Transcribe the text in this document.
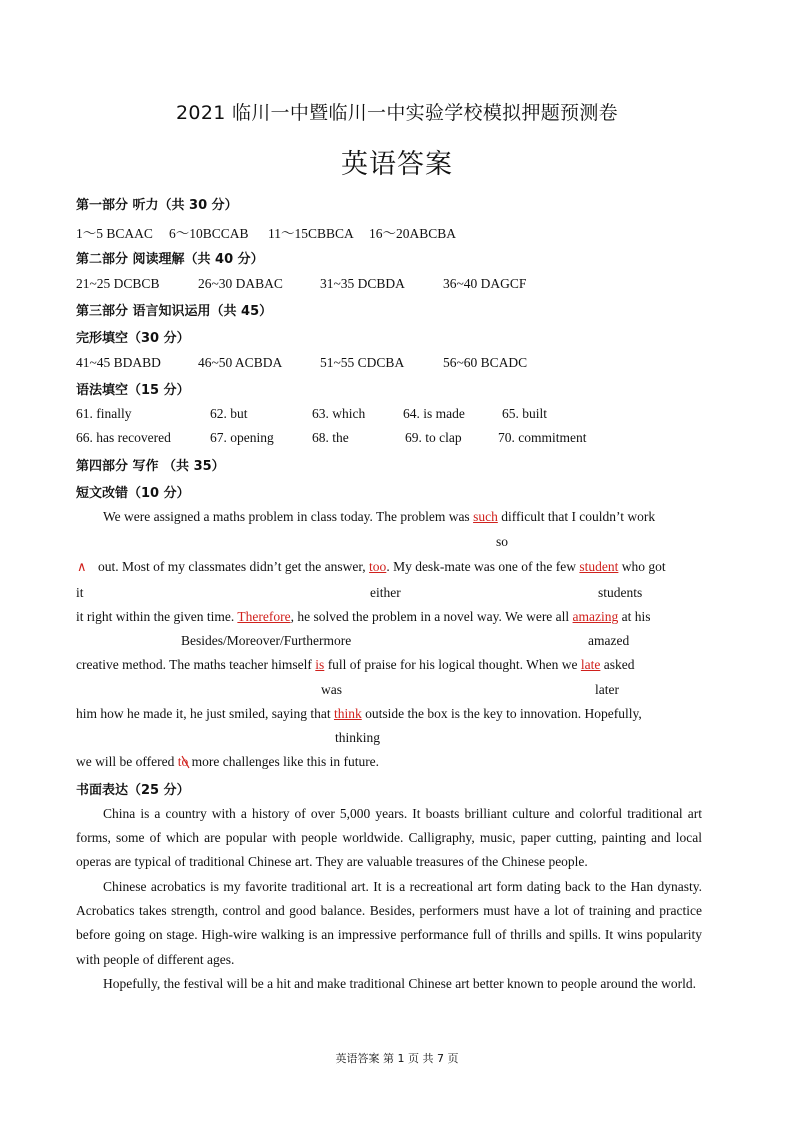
2021 临川一中暨临川一中实验学校模拟押题预测卷
英语答案
第一部分 听力（共 30 分）
1～5 BCAAC 6～10BCCAB 11～15CBBCA 16～20ABCBA
第二部分 阅读理解（共 40 分）
21~25 DCBCB	26~30 DABAC	31~35 DCBDA	36~40 DAGCF
第三部分 语言知识运用（共 45）
完形填空（30 分）
41~45 BDABD	46~50 ACBDA	51~55 CDCBA	56~60 BCADC
语法填空（15 分）
61. finally	62. but	63. which	64. is made	65. built
66. has recovered	67. opening	68. the	69. to clap	70. commitment
第四部分 写作 （共 35）
短文改错（10 分）
We were assigned a maths problem in class today. The problem was such difficult that I couldn’t work
so
∧ out. Most of my classmates didn’t get the answer, too. My desk-mate was one of the few student who got
it	either	students
it right within the given time. Therefore, he solved the problem in a novel way. We were all amazing at his
Besides/Moreover/Furthermore	amazed
creative method. The maths teacher himself is full of praise for his logical thought. When we late asked
was	later
him how he made it, he just smiled, saying that think outside the box is the key to innovation. Hopefully,
thinking
we will be offered to more challenges like this in future.
书面表达（25 分）
China is a country with a history of over 5,000 years. It boasts brilliant culture and colorful traditional art forms, some of which are popular with people worldwide. Calligraphy, music, paper cutting, painting and local operas are typical of traditional Chinese art. They are valuable treasures of the Chinese people.
Chinese acrobatics is my favorite traditional art. It is a recreational art form dating back to the Han dynasty. Acrobatics takes strength, control and good balance. Besides, performers must have a lot of training and practice before going on stage. High-wire walking is an impressive performance full of thrills and spills. It wins popularity with people of different ages.
Hopefully, the festival will be a hit and make traditional Chinese art better known to people around the world.
英语答案 第 1 页 共 7 页
